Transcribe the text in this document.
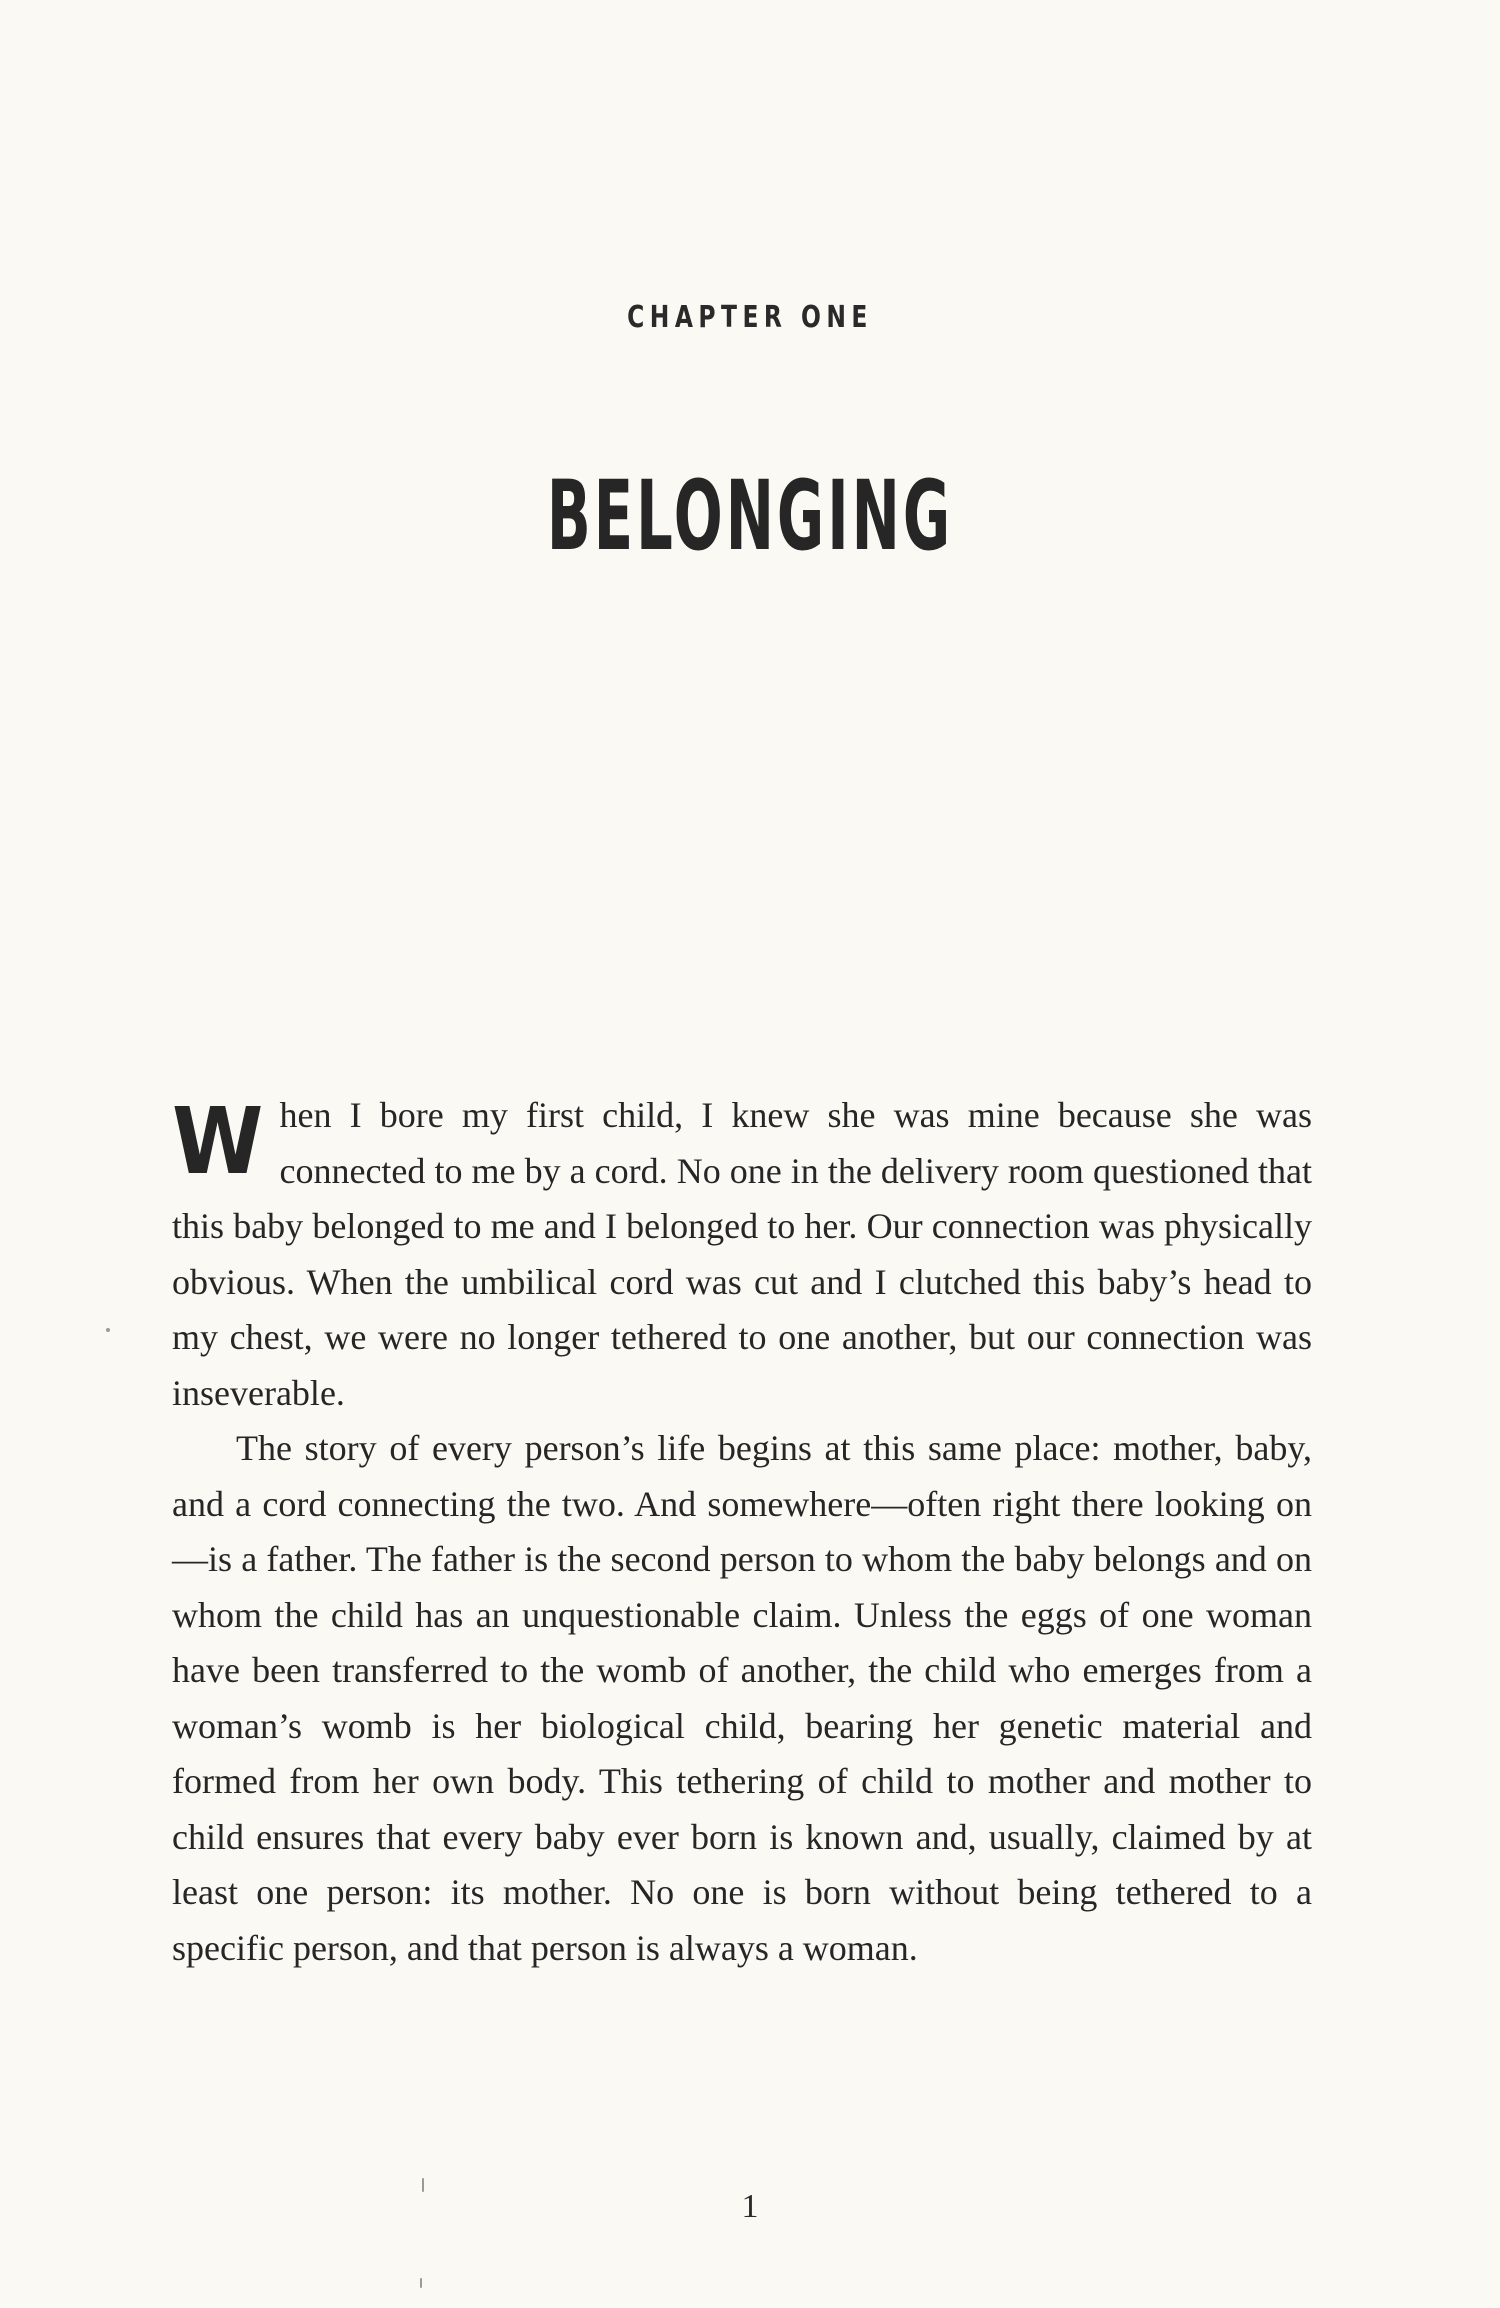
CHAPTER ONE
BELONGING

When I bore my first child, I knew she was mine because she was connected to me by a cord. No one in the delivery room questioned that this baby belonged to me and I belonged to her. Our connection was physically obvious. When the umbilical cord was cut and I clutched this baby’s head to my chest, we were no longer tethered to one another, but our connection was inseverable.

The story of every person’s life begins at this same place: mother, baby, and a cord connecting the two. And somewhere—often right there looking on—is a father. The father is the second person to whom the baby belongs and on whom the child has an unquestionable claim. Unless the eggs of one woman have been transferred to the womb of another, the child who emerges from a woman’s womb is her biological child, bearing her genetic material and formed from her own body. This tethering of child to mother and mother to child ensures that every baby ever born is known and, usually, claimed by at least one person: its mother. No one is born without being tethered to a specific person, and that person is always a woman.

1
